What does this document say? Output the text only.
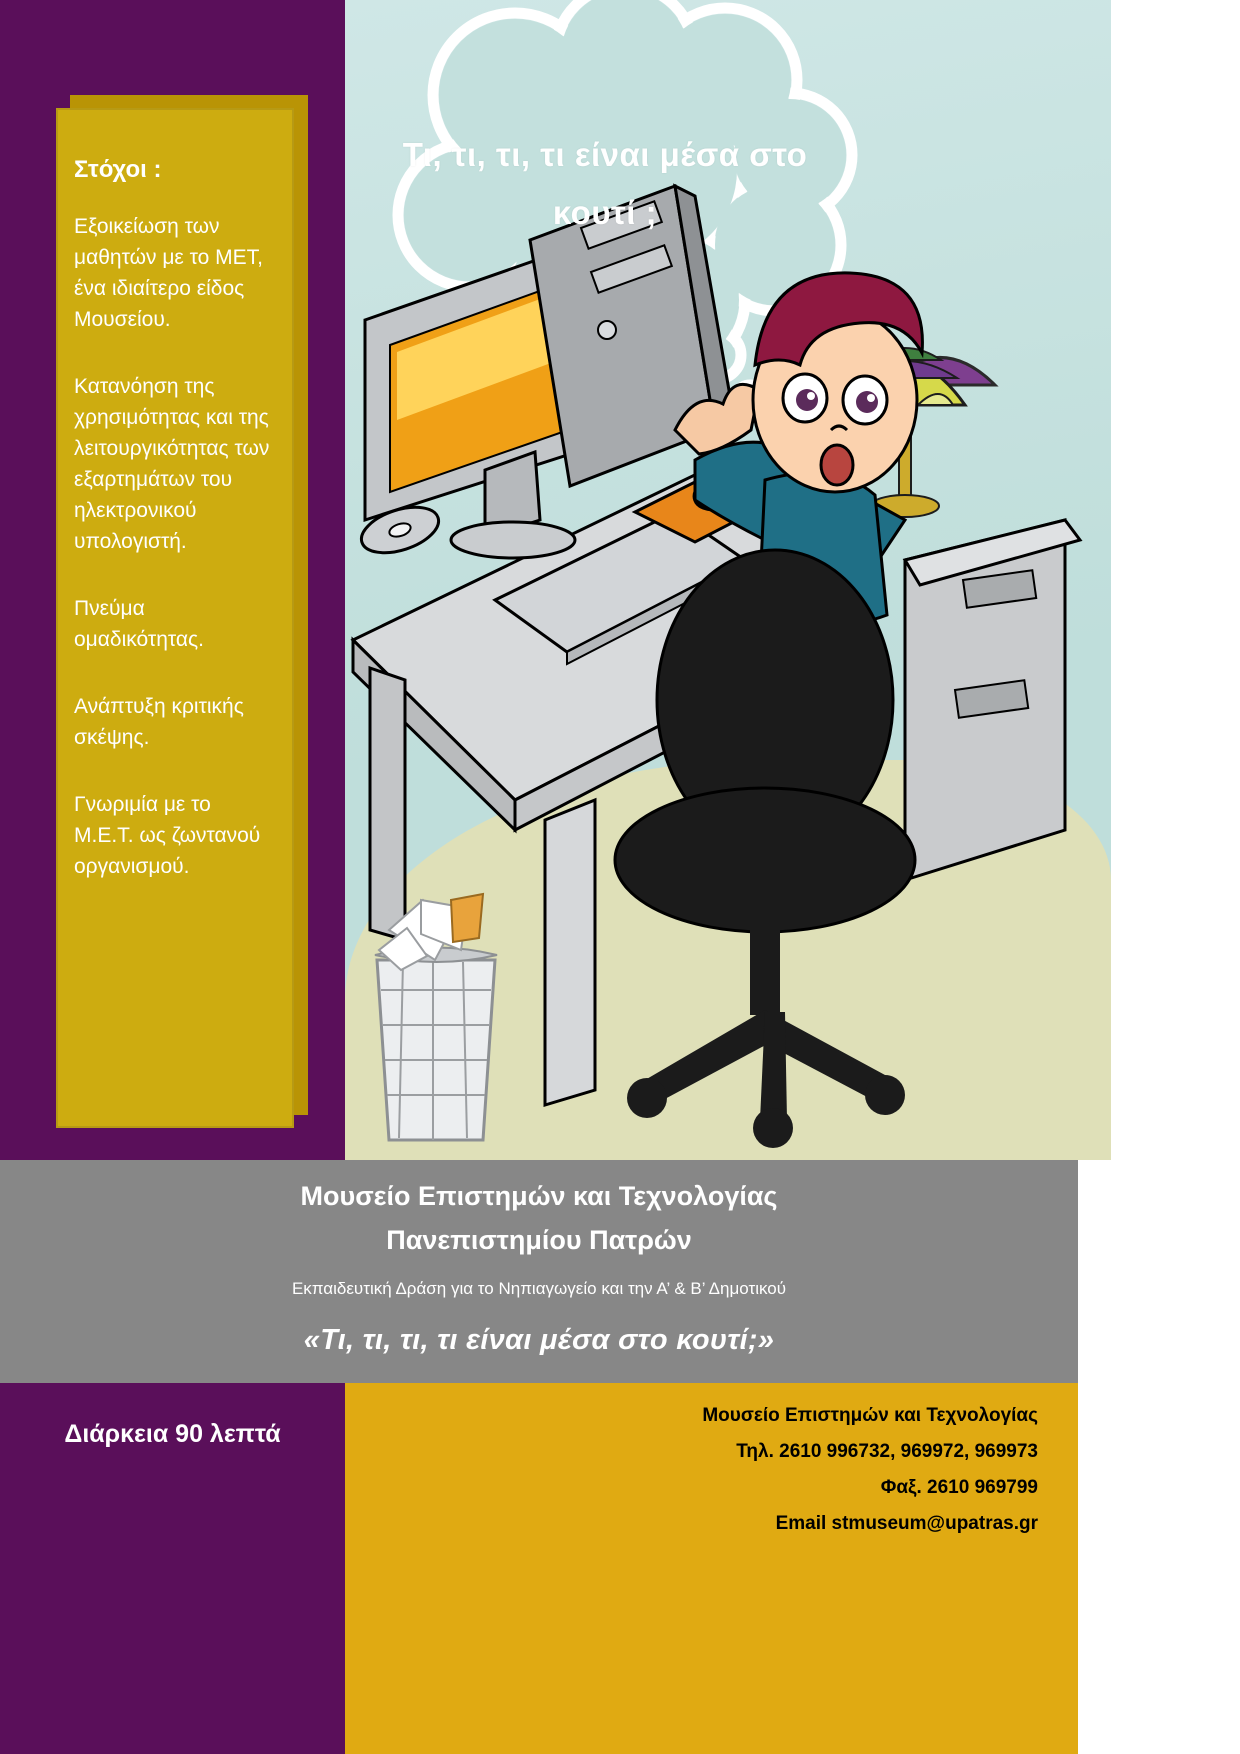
Τι, τι, τι, τι είναι μέσα στο κουτί ;
Στόχοι :
Εξοικείωση των μαθητών με το ΜΕΤ, ένα ιδιαίτερο είδος Μουσείου.
Κατανόηση της χρησιμότητας και της λειτουργικότητας των εξαρτημάτων του ηλεκτρονικού υπολογιστή.
Πνεύμα ομαδικότητας.
Ανάπτυξη κριτικής σκέψης.
Γνωριμία με το Μ.Ε.Τ. ως ζωντανού οργανισμού.
Μουσείο Επιστημών και Τεχνολογίας
Πανεπιστημίου Πατρών
Εκπαιδευτική Δράση για το Νηπιαγωγείο και την Α’ & Β’ Δημοτικού
«Τι, τι, τι, τι είναι μέσα στο κουτί;»
Διάρκεια 90 λεπτά
Μουσείο Επιστημών και Τεχνολογίας
Τηλ. 2610 996732, 969972, 969973
Φαξ. 2610 969799
Email stmuseum@upatras.gr
